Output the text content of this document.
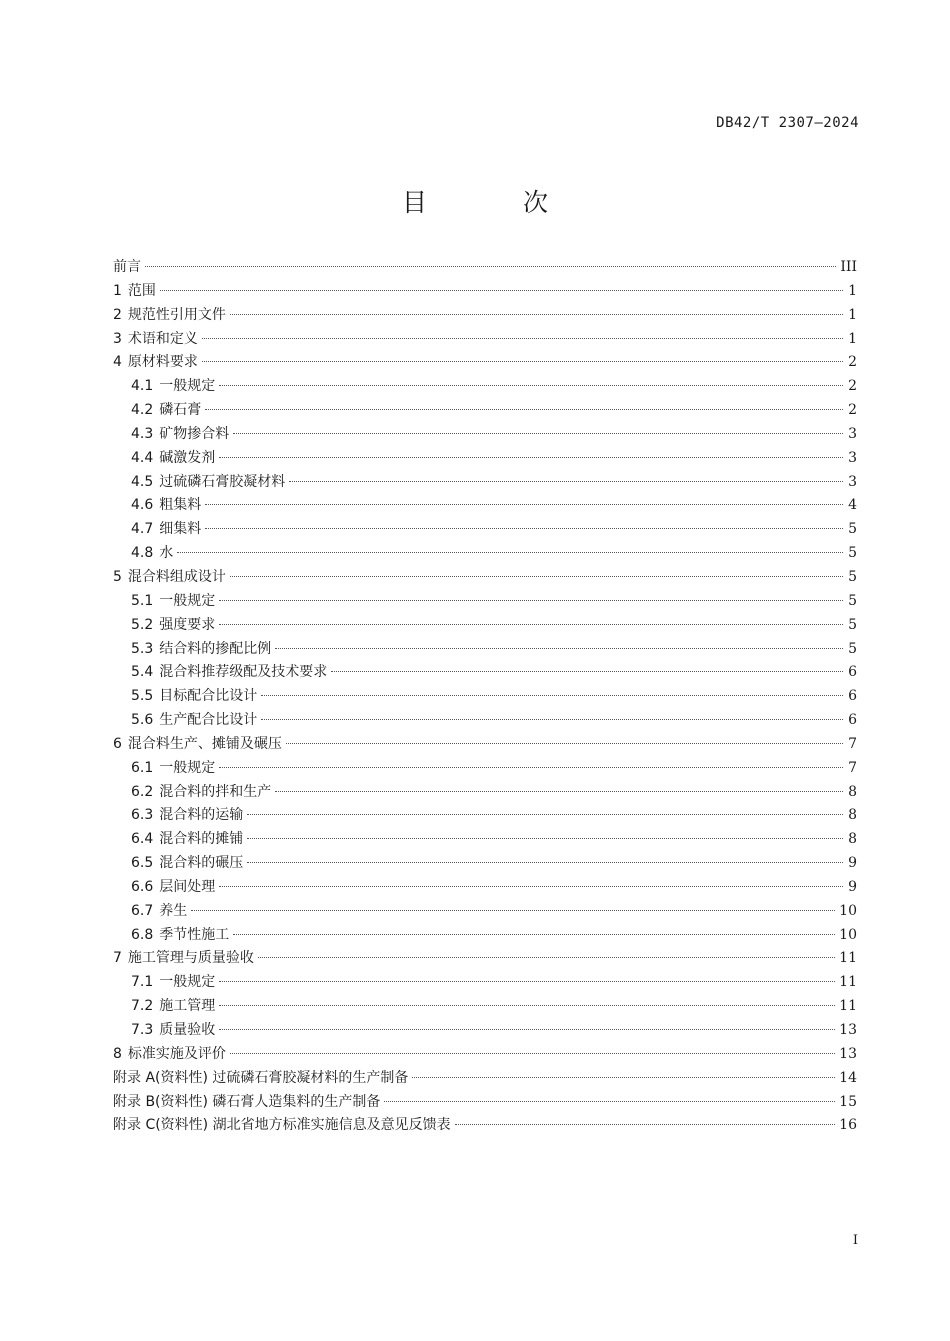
DB42/T 2307—2024
目 次
前言	III
1 范围	1
2 规范性引用文件	1
3 术语和定义	1
4 原材料要求	2
4.1 一般规定	2
4.2 磷石膏	2
4.3 矿物掺合料	3
4.4 碱激发剂	3
4.5 过硫磷石膏胶凝材料	3
4.6 粗集料	4
4.7 细集料	5
4.8 水	5
5 混合料组成设计	5
5.1 一般规定	5
5.2 强度要求	5
5.3 结合料的掺配比例	5
5.4 混合料推荐级配及技术要求	6
5.5 目标配合比设计	6
5.6 生产配合比设计	6
6 混合料生产、摊铺及碾压	7
6.1 一般规定	7
6.2 混合料的拌和生产	8
6.3 混合料的运输	8
6.4 混合料的摊铺	8
6.5 混合料的碾压	9
6.6 层间处理	9
6.7 养生	10
6.8 季节性施工	10
7 施工管理与质量验收	11
7.1 一般规定	11
7.2 施工管理	11
7.3 质量验收	13
8 标准实施及评价	13
附录 A(资料性) 过硫磷石膏胶凝材料的生产制备	14
附录 B(资料性) 磷石膏人造集料的生产制备	15
附录 C(资料性) 湖北省地方标准实施信息及意见反馈表	16
I
